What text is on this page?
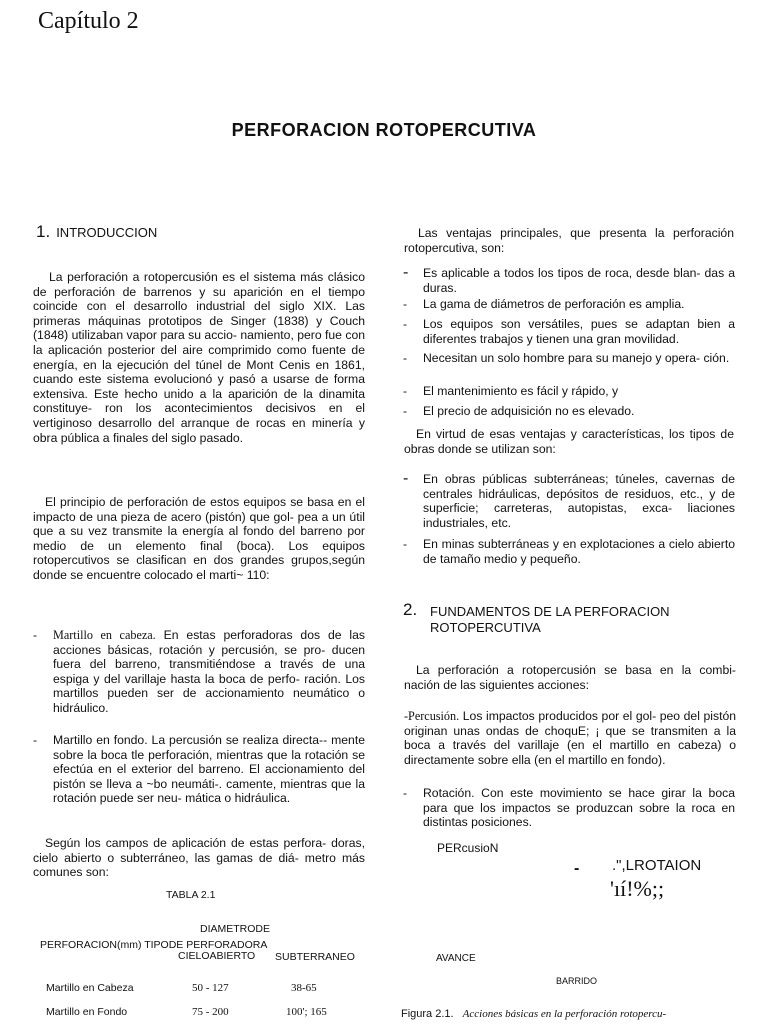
Capítulo 2
PERFORACION ROTOPERCUTIVA
1. INTRODUCCION
La perforación a rotopercusión es el sistema más clásico de perforación de barrenos y su aparición en el tiempo coincide con el desarrollo industrial del siglo XIX. Las primeras máquinas prototipos de Singer (1838) y Couch (1848) utilizaban vapor para su accio- namiento, pero fue con la aplicación posterior del aire comprimido como fuente de energía, en la ejecución del túnel de Mont Cenis en 1861, cuando este sistema evolucionó y pasó a usarse de forma extensiva. Este hecho unido a la aparición de la dinamita constituye- ron los acontecimientos decisivos en el vertiginoso desarrollo del arranque de rocas en minería y obra pública a finales del siglo pasado.
El principio de perforación de estos equipos se basa en el impacto de una pieza de acero (pistón) que gol- pea a un útil que a su vez transmite la energía al fondo del barreno por medio de un elemento final (boca). Los equipos rotopercutivos se clasifican en dos grandes grupos,según donde se encuentre colocado el marti~ 110:
-	Martillo en cabeza. En estas perforadoras dos de las acciones básicas, rotación y percusión, se pro- ducen fuera del barreno, transmitiéndose a través de una espiga y del varillaje hasta la boca de perfo- ración. Los martillos pueden ser de accionamiento neumático o hidráulico.
-	Martillo en fondo. La percusión se realiza directa-- mente sobre la boca tle perforación, mientras que la rotación se efectúa en el exterior del barreno. El accionamiento del pistón se lleva a ~bo neumáti-. camente, mientras que la rotación puede ser neu- mática o hidráulica.
Según los campos de aplicación de estas perfora- doras, cielo abierto o subterráneo, las gamas de diá- metro más comunes son:
TABLA 2.1
DIAMETRODE
PERFORACION(mm) TIPODE PERFORADORA
CIELOABIERTO SUBTERRANEO
Martillo en Cabeza	50 - 127	38-65
Martillo en Fondo	75 - 200	100'; 165
Las ventajas principales, que presenta la perforación rotopercutiva, son:
-	Es aplicable a todos los tipos de roca, desde blan- das a duras.
-	La gama de diámetros de perforación es amplia.
-	Los equipos son versátiles, pues se adaptan bien a diferentes trabajos y tienen una gran movilidad.
-	Necesitan un solo hombre para su manejo y opera- ción.
-	El mantenimiento es fácil y rápido, y
-	El precio de adquisición no es elevado.
En virtud de esas ventajas y características, los tipos de obras donde se utilizan son:
-	En obras públicas subterráneas; túneles, cavernas de centrales hidráulicas, depósitos de residuos, etc., y de superficie; carreteras, autopistas, exca- liaciones industriales, etc.
-	En minas subterráneas y en explotaciones a cielo abierto de tamaño medio y pequeño.
2. FUNDAMENTOS DE LA PERFORACION
ROTOPERCUTIVA
La perforación a rotopercusión se basa en la combi- nación de las siguientes acciones:
-Percusión. Los impactos producidos por el gol- peo del pistón originan unas ondas de choquE; ¡ que se transmiten a la boca a través del varillaje (en el martillo en cabeza) o directamente sobre ella (en el martillo en fondo).
-	Rotación. Con este movimiento se hace girar la boca para que los impactos se produzcan sobre la roca en distintas posiciones.
PERcusioN
- .",LROTAION
'ıí!%;;
AVANCE
BARRIDO
Figura 2.1. Acciones básicas en la perforación rotopercu-
